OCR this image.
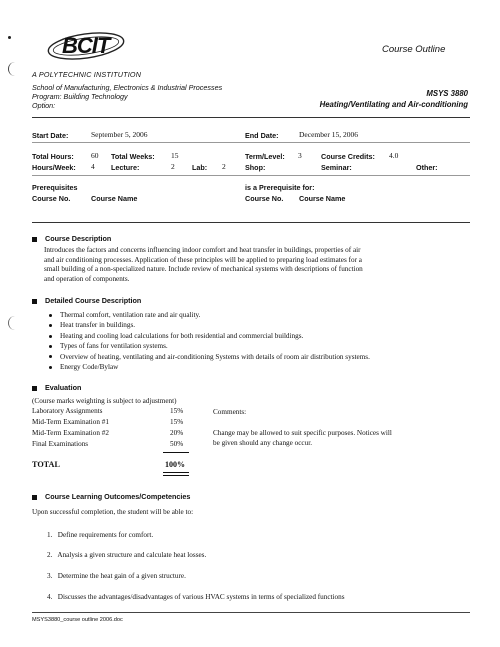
BCIT	Course Outline
A POLYTECHNIC INSTITUTION
School of Manufacturing, Electronics & Industrial Processes
Program: Building Technology
Option:
MSYS 3880
Heating/Ventilating and Air-conditioning
Start Date:	September 5, 2006	End Date:	December 15, 2006
Total Hours: 60 Total Weeks: 15	Term/Level: 3	Course Credits: 4.0
Hours/Week: 4 Lecture:	2 Lab: 2	Shop:	Seminar:	Other:
Prerequisites
Course No.	Course Name
is a Prerequisite for:
Course No. Course Name
Course Description
Introduces the factors and concerns influencing indoor comfort and heat transfer in buildings, properties of air
and air conditioning processes. Application of these principles will be applied to preparing load estimates for a
small building of a non-specialized nature. Include review of mechanical systems with descriptions of function
and operation of components.
Detailed Course Description
Thermal comfort, ventilation rate and air quality.
Heat transfer in buildings.
Heating and cooling load calculations for both residential and commercial buildings.
Types of fans for ventilation systems.
Overview of heating, ventilating and air-conditioning Systems with details of room air distribution systems.
Energy Code/Bylaw
Evaluation
(Course marks weighting is subject to adjustment)
Laboratory Assignments	15%
Mid-Term Examination #1	15%
Mid-Term Examination #2	20%
Final Examinations	50%
Comments:
Change may be allowed to suit specific purposes. Notices will
be given should any change occur.
TOTAL	100%
Course Learning Outcomes/Competencies
Upon successful completion, the student will be able to:
1.   Define requirements for comfort.
2.   Analysis a given structure and calculate heat losses.
3.   Determine the heat gain of a given structure.
4.   Discusses the advantages/disadvantages of various HVAC systems in terms of specialized functions
MSYS3880_course outline 2006.doc
